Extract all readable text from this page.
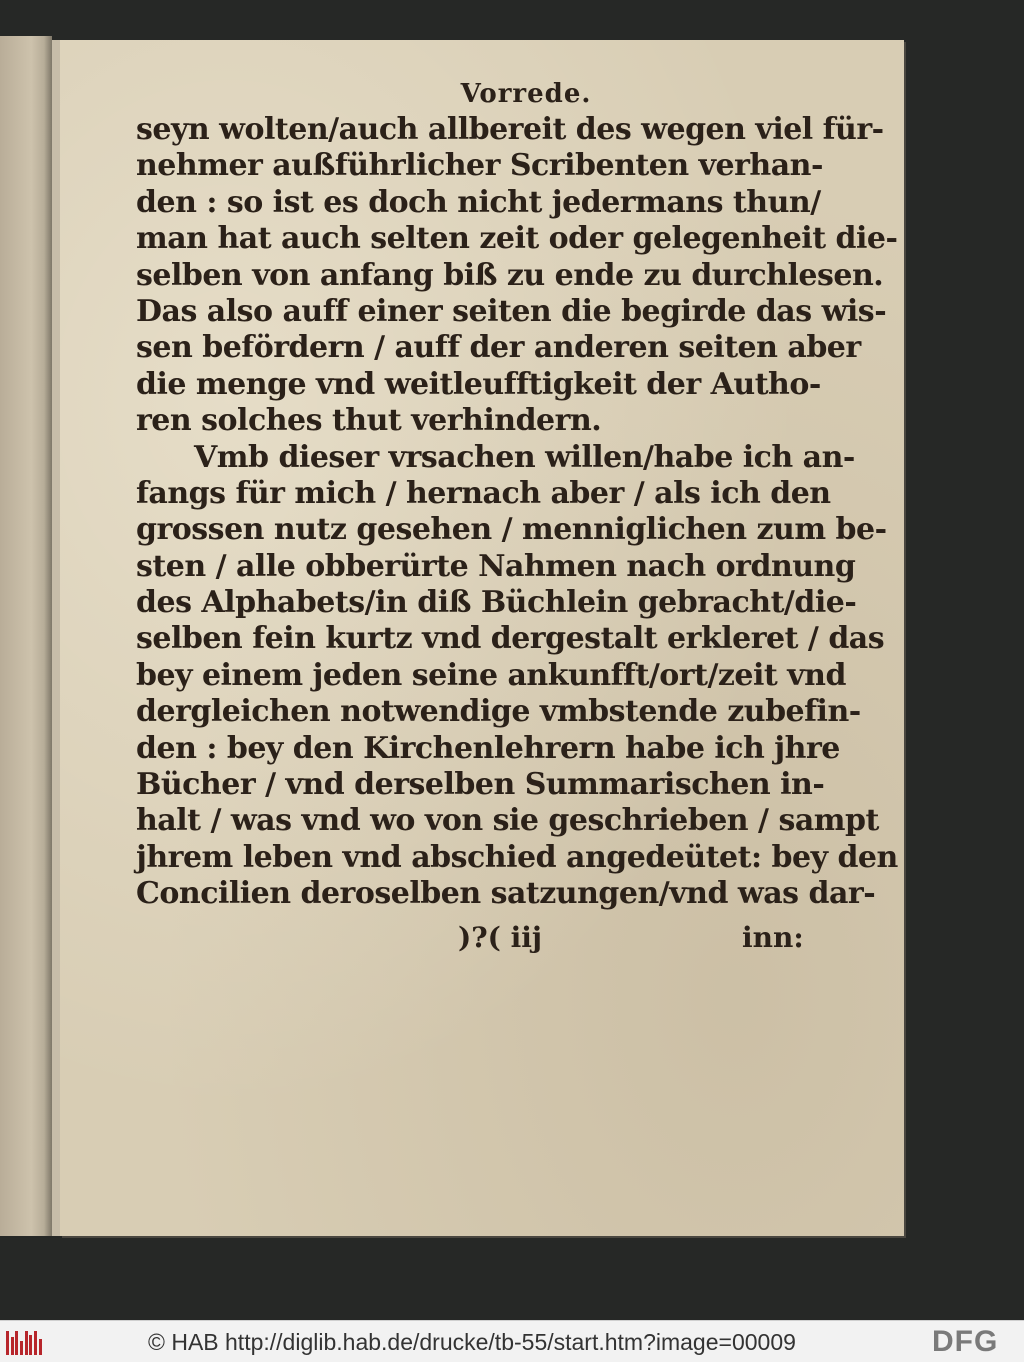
Vorrede.
seyn wolten/auch allbereit des wegen viel für-
nehmer außführlicher Scribenten verhan-
den : so ist es doch nicht jedermans thun/
man hat auch selten zeit oder gelegenheit die-
selben von anfang biß zu ende zu durchlesen.
Das also auff einer seiten die begirde das wis-
sen befördern / auff der anderen seiten aber
die menge vnd weitleufftigkeit der Autho-
ren solches thut verhindern.
Vmb dieser vrsachen willen/habe ich an-
fangs für mich / hernach aber / als ich den
grossen nutz gesehen / menniglichen zum be-
sten / alle obberürte Nahmen nach ordnung
des Alphabets/in diß Büchlein gebracht/die-
selben fein kurtz vnd dergestalt erkleret / das
bey einem jeden seine ankunfft/ort/zeit vnd
dergleichen notwendige vmbstende zubefin-
den : bey den Kirchenlehrern habe ich jhre
Bücher / vnd derselben Summarischen in-
halt / was vnd wo von sie geschrieben / sampt
jhrem leben vnd abschied angedeütet: bey den
Concilien deroselben satzungen/vnd was dar-
)?( iij	inn:
© HAB http://diglib.hab.de/drucke/tb-55/start.htm?image=00009	DFG
